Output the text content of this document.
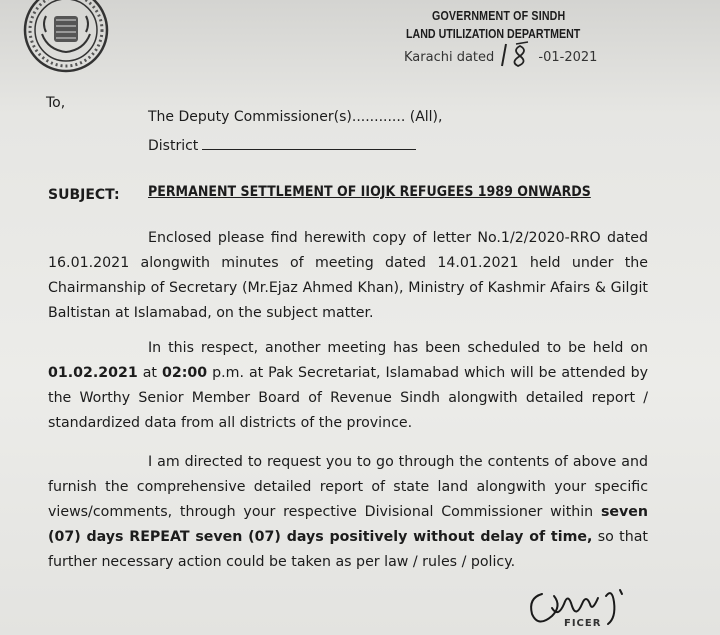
GOVERNMENT OF SINDH
LAND UTILIZATION DEPARTMENT
Karachi dated	-01-2021
To,
The Deputy Commissioner(s)............ (All),
District
SUBJECT: PERMANENT SETTLEMENT OF IIOJK REFUGEES 1989 ONWARDS
Enclosed please find herewith copy of letter No.1/2/2020-RRO dated 16.01.2021 alongwith minutes of meeting dated 14.01.2021 held under the Chairmanship of Secretary (Mr.Ejaz Ahmed Khan), Ministry of Kashmir Afairs & Gilgit Baltistan at Islamabad, on the subject matter.
In this respect, another meeting has been scheduled to be held on 01.02.2021 at 02:00 p.m. at Pak Secretariat, Islamabad which will be attended by the Worthy Senior Member Board of Revenue Sindh alongwith detailed report / standardized data from all districts of the province.
I am directed to request you to go through the contents of above and furnish the comprehensive detailed report of state land alongwith your specific views/comments, through your respective Divisional Commissioner within seven (07) days REPEAT seven (07) days positively without delay of time, so that further necessary action could be taken as per law / rules / policy.
FICER
